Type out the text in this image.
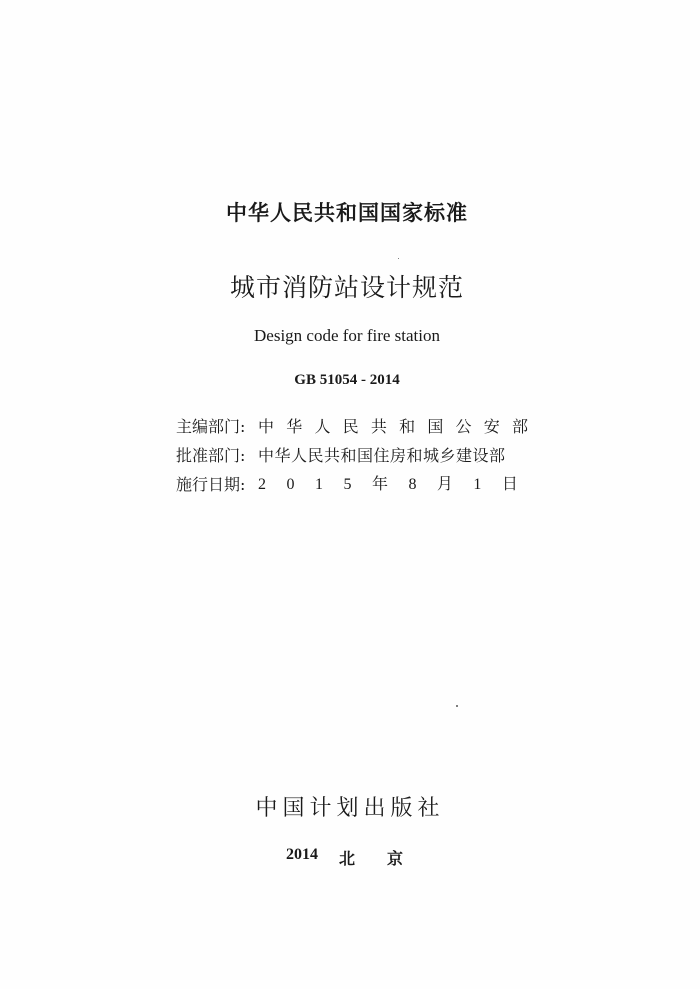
中华人民共和国国家标准
城市消防站设计规范
Design code for fire station
GB 51054 - 2014
主编部门: 中 华 人 民 共 和 国 公 安 部
批准部门: 中华人民共和国住房和城乡建设部
施行日期: 2 0 1 5 年 8 月 1 日
中国计划出版社
2014 北京
